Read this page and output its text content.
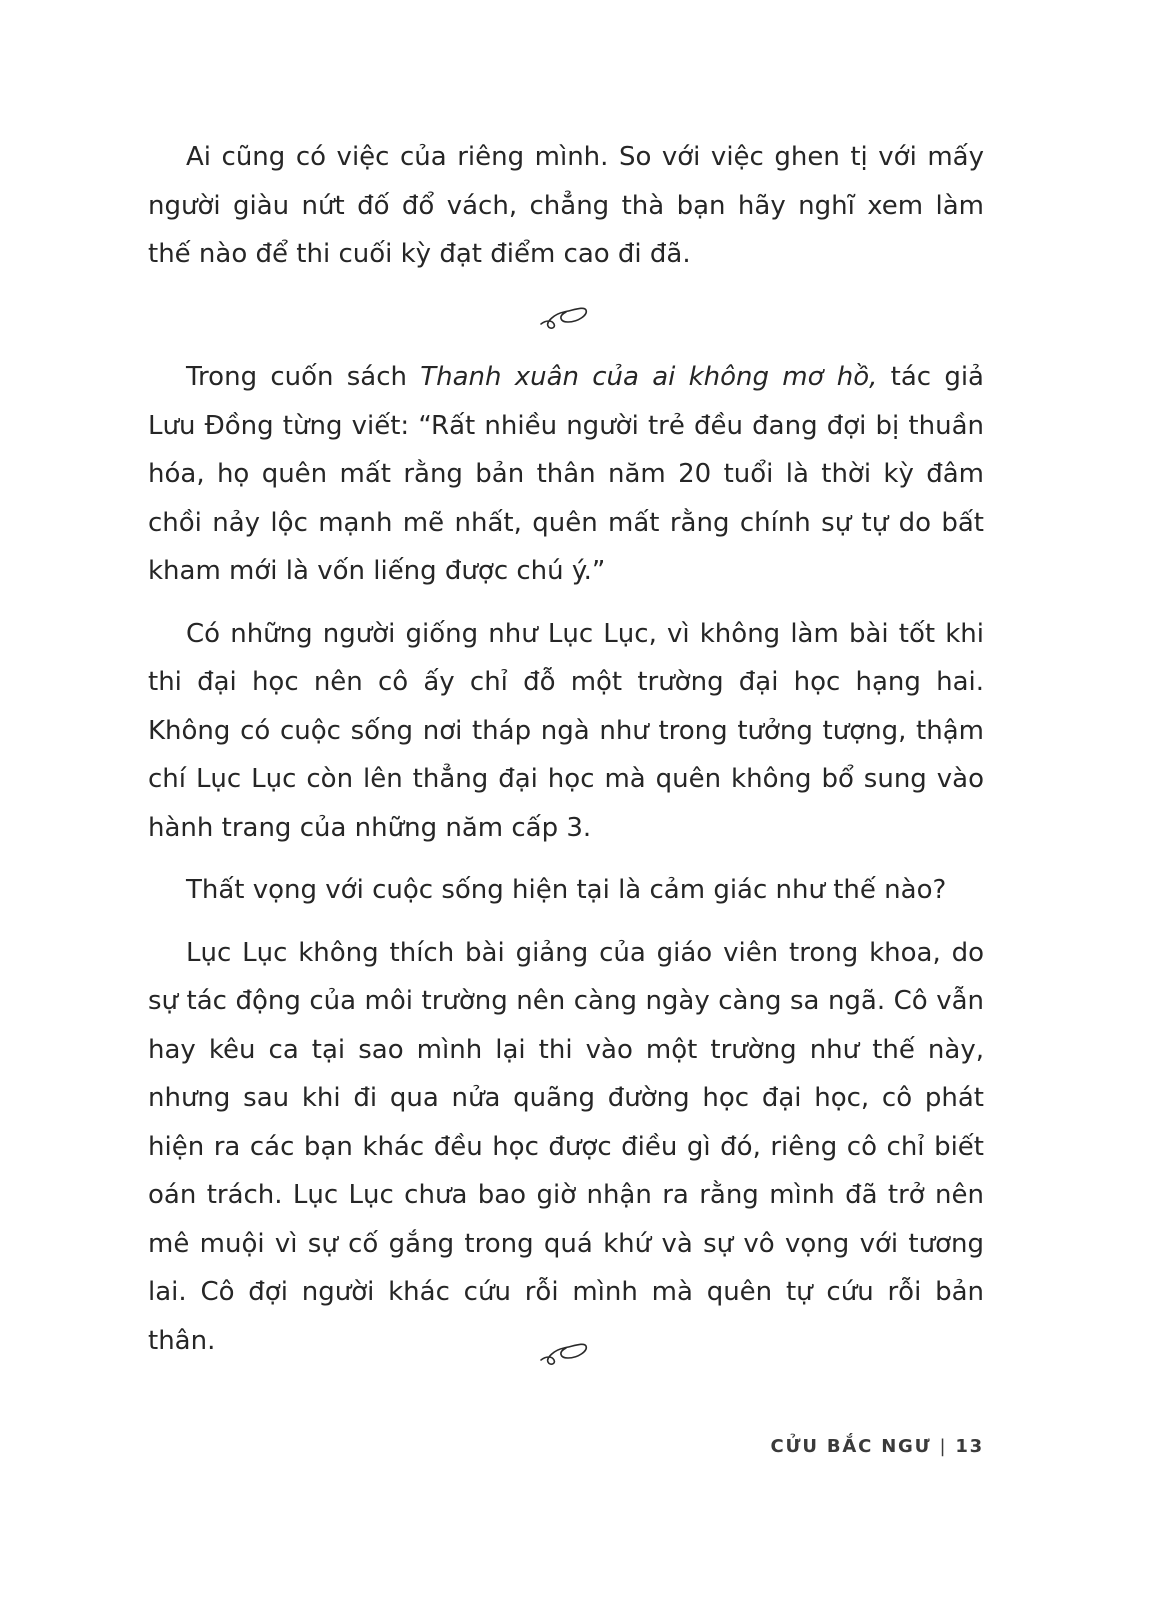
Ai cũng có việc của riêng mình. So với việc ghen tị với mấy người giàu nứt đố đổ vách, chẳng thà bạn hãy nghĩ xem làm thế nào để thi cuối kỳ đạt điểm cao đi đã.

Trong cuốn sách Thanh xuân của ai không mơ hồ, tác giả Lưu Đồng từng viết: “Rất nhiều người trẻ đều đang đợi bị thuần hóa, họ quên mất rằng bản thân năm 20 tuổi là thời kỳ đâm chồi nảy lộc mạnh mẽ nhất, quên mất rằng chính sự tự do bất kham mới là vốn liếng được chú ý.”

Có những người giống như Lục Lục, vì không làm bài tốt khi thi đại học nên cô ấy chỉ đỗ một trường đại học hạng hai. Không có cuộc sống nơi tháp ngà như trong tưởng tượng, thậm chí Lục Lục còn lên thẳng đại học mà quên không bổ sung vào hành trang của những năm cấp 3.

Thất vọng với cuộc sống hiện tại là cảm giác như thế nào?

Lục Lục không thích bài giảng của giáo viên trong khoa, do sự tác động của môi trường nên càng ngày càng sa ngã. Cô vẫn hay kêu ca tại sao mình lại thi vào một trường như thế này, nhưng sau khi đi qua nửa quãng đường học đại học, cô phát hiện ra các bạn khác đều học được điều gì đó, riêng cô chỉ biết oán trách. Lục Lục chưa bao giờ nhận ra rằng mình đã trở nên mê muội vì sự cố gắng trong quá khứ và sự vô vọng với tương lai. Cô đợi người khác cứu rỗi mình mà quên tự cứu rỗi bản thân.

CỬU BẮC NGƯ | 13
